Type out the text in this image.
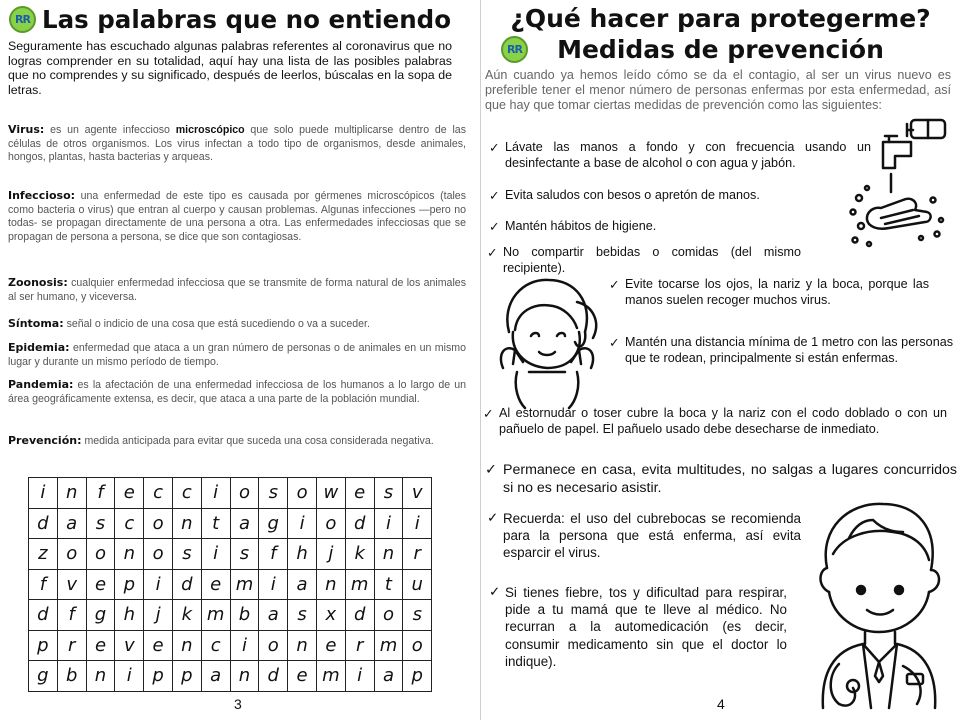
RR Las palabras que no entiendo
Seguramente has escuchado algunas palabras referentes al coronavirus que no logras comprender en su totalidad, aquí hay una lista de las posibles palabras que no comprendes y su significado, después de leerlos, búscalas en la sopa de letras.
Virus: es un agente infeccioso microscópico que solo puede multiplicarse dentro de las células de otros organismos. Los virus infectan a todo tipo de organismos, desde animales, hongos, plantas, hasta bacterias y arqueas.
Infeccioso: una enfermedad de este tipo es causada por gérmenes microscópicos (tales como bacteria o virus) que entran al cuerpo y causan problemas. Algunas infecciones —pero no todas- se propagan directamente de una persona a otra. Las enfermedades infecciosas que se propagan de persona a persona, se dice que son contagiosas.
Zoonosis: cualquier enfermedad infecciosa que se transmite de forma natural de los animales al ser humano, y viceversa.
Síntoma: señal o indicio de una cosa que está sucediendo o va a suceder.
Epidemia: enfermedad que ataca a un gran número de personas o de animales en un mismo lugar y durante un mismo período de tiempo.
Pandemia: es la afectación de una enfermedad infecciosa de los humanos a lo largo de un área geográficamente extensa, es decir, que ataca a una parte de la población mundial.
Prevención: medida anticipada para evitar que suceda una cosa considerada negativa.
i	n	f	e	c	c	i	o	s	o w e	s	v
d a	s	c	o n	t	a g	i	o d	i	i
z	o o n o	s	i	s	f	h	j	k n	r
f	v e p	i	d e m i	a n m t	u
d	f	g h	j	k m b a	s	x d o	s
p	r	e v e n	c	i	o n e	r m o
g b n	i	p p a n d e m i	a p
3
¿Qué hacer para protegerme?
RR	Medidas de prevención
Aún cuando ya hemos leído cómo se da el contagio, al ser un virus nuevo es preferible tener el menor número de personas enfermas por esta enfermedad, así que hay que tomar ciertas medidas de prevención como las siguientes:
✓ Lávate las manos a fondo y con frecuencia usando un desinfectante a base de alcohol o con agua y jabón.
✓ Evita saludos con besos o apretón de manos.
✓ Mantén hábitos de higiene.
✓ No compartir bebidas o comidas (del mismo recipiente).
✓ Evite tocarse los ojos, la nariz y la boca, porque las manos suelen recoger muchos virus.
✓ Mantén una distancia mínima de 1 metro con las personas que te rodean, principalmente si están enfermas.
✓ Al estornudar o toser cubre la boca y la nariz con el codo doblado o con un pañuelo de papel. El pañuelo usado debe desecharse de inmediato.
✓ Permanece en casa, evita multitudes, no salgas a lugares concurridos si no es necesario asistir.
✓ Recuerda: el uso del cubrebocas se recomienda para la persona que está enferma, así evita esparcir el virus.
✓ Si tienes fiebre, tos y dificultad para respirar, pide a tu mamá que te lleve al médico. No recurran a la automedicación (es decir, consumir medicamento sin que el doctor lo indique).
4
